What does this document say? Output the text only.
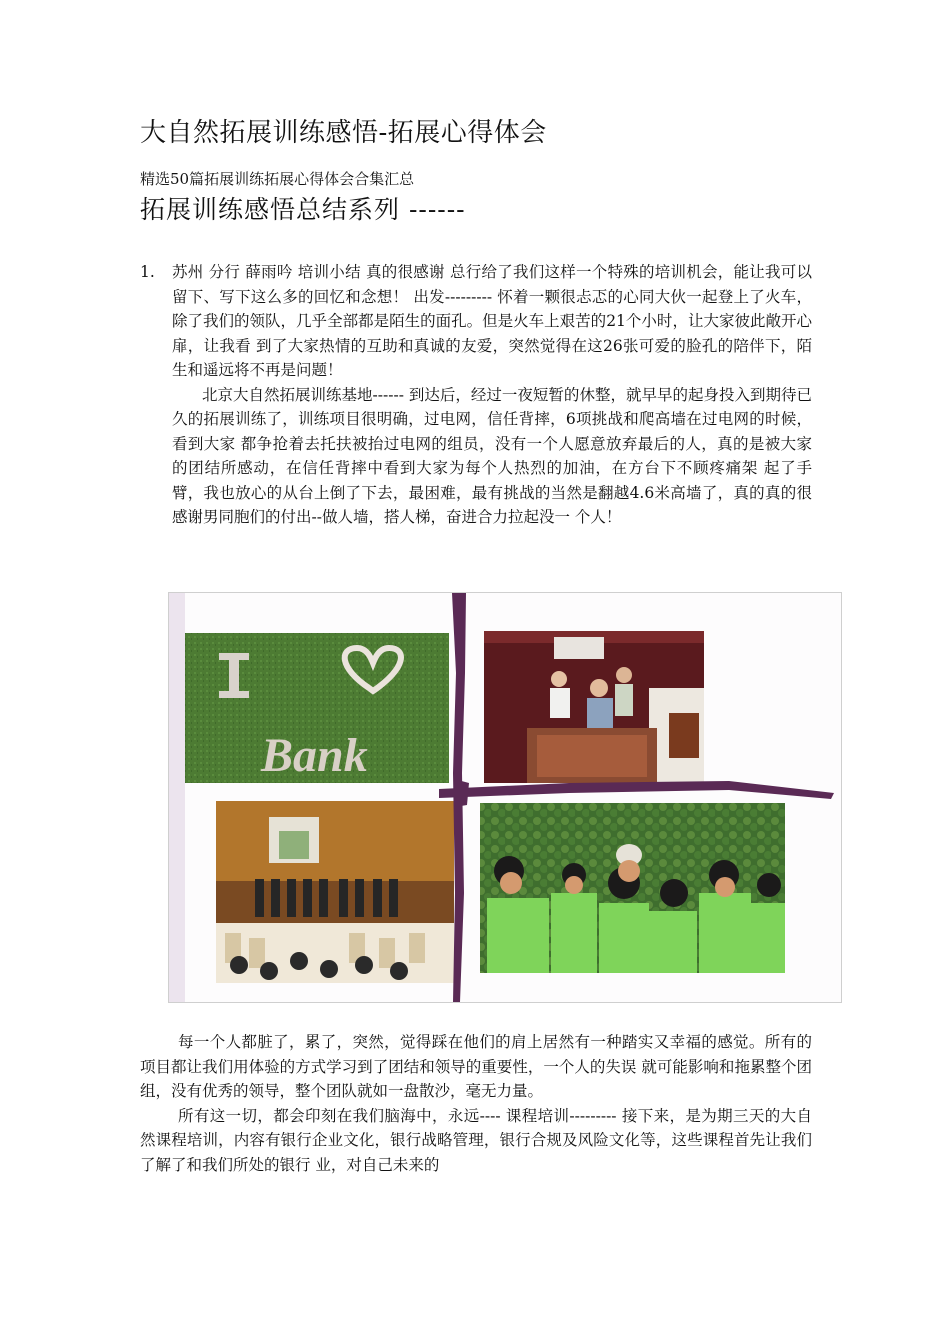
大自然拓展训练感悟-拓展心得体会
精选50篇拓展训练拓展心得体会合集汇总
拓展训练感悟总结系列 ------
1. 苏州 分行 薛雨吟 培训小结 真的很感谢 总行给了我们这样一个特殊的培训机会，能让我可以留下、写下这么多的回忆和念想！ 出发--------- 怀着一颗很忐忑的心同大伙一起登上了火车，除了我们的领队，几乎全部都是陌生的面孔。但是火车上艰苦的21个小时，让大家彼此敞开心扉，让我看 到了大家热情的互助和真诚的友爱，突然觉得在这26张可爱的脸孔的陪伴下，陌生和遥远将不再是问题！

北京大自然拓展训练基地------ 到达后，经过一夜短暂的休整，就早早的起身投入到期待已久的拓展训练了，训练项目很明确，过电网，信任背摔，6项挑战和爬高墙在过电网的时候，看到大家 都争抢着去托扶被抬过电网的组员，没有一个人愿意放弃最后的人，真的是被大家的团结所感动，在信任背摔中看到大家为每个人热烈的加油，在方台下不顾疼痛架 起了手臂，我也放心的从台上倒了下去，最困难，最有挑战的当然是翻越4.6米高墙了，真的真的很感谢男同胞们的付出--做人墙，搭人梯，奋进合力拉起没一 个人！

Bank

每一个人都脏了，累了，突然，觉得踩在他们的肩上居然有一种踏实又幸福的感觉。所有的项目都让我们用体验的方式学习到了团结和领导的重要性，一个人的失误 就可能影响和拖累整个团组，没有优秀的领导，整个团队就如一盘散沙，毫无力量。

所有这一切，都会印刻在我们脑海中，永远---- 课程培训--------- 接下来，是为期三天的大自然课程培训，内容有银行企业文化，银行战略管理，银行合规及风险文化等，这些课程首先让我们了解了和我们所处的银行 业，对自己未来的
